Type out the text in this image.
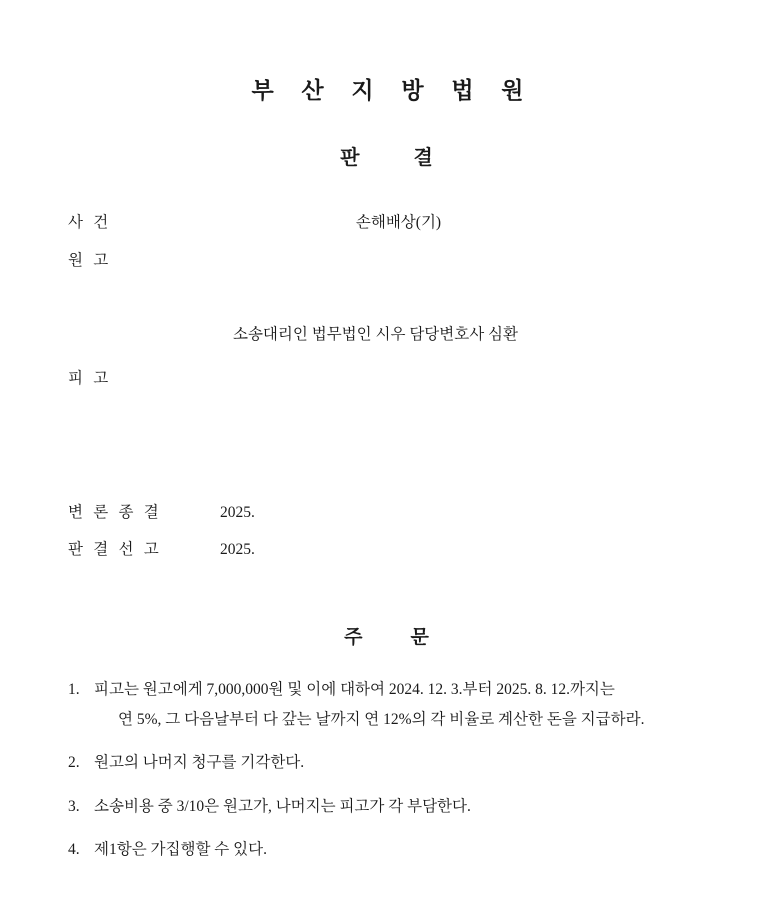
부 산 지 방 법 원
판	결
사 건	손해배상(기)
원 고
소송대리인 법무법인 시우 담당변호사 심환
피 고
변 론 종 결	2025.
판 결 선 고	2025.
주 문
1. 피고는 원고에게 7,000,000원 및 이에 대하여 2024. 12. 3.부터 2025. 8. 12.까지는
연 5%, 그 다음날부터 다 갚는 날까지 연 12%의 각 비율로 계산한 돈을 지급하라.
2. 원고의 나머지 청구를 기각한다.
3. 소송비용 중 3/10은 원고가, 나머지는 피고가 각 부담한다.
4. 제1항은 가집행할 수 있다.
